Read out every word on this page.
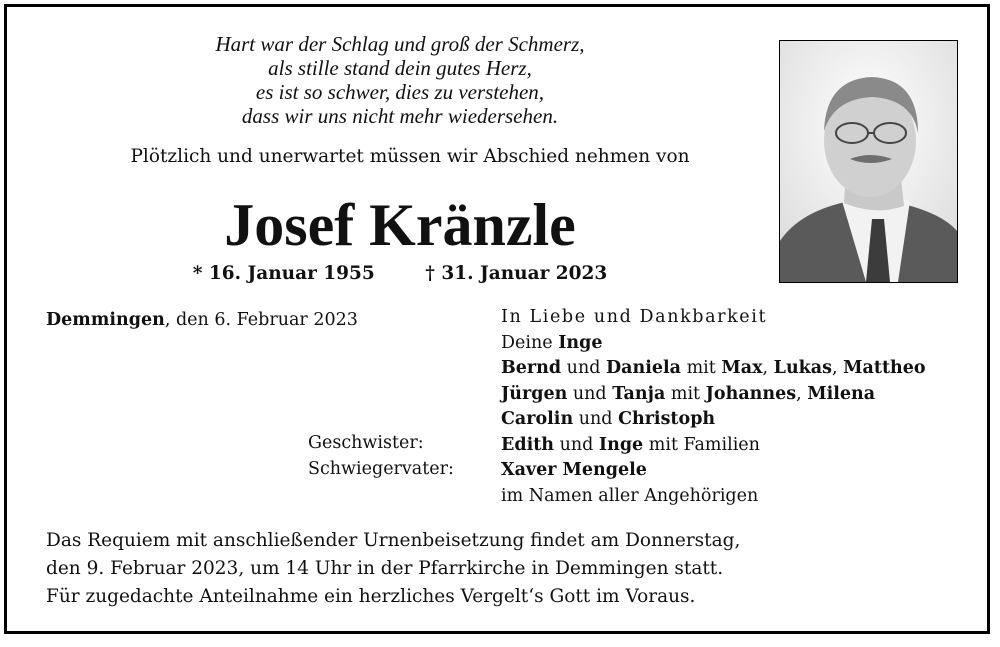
Hart war der Schlag und groß der Schmerz,
als stille stand dein gutes Herz,
es ist so schwer, dies zu verstehen,
dass wir uns nicht mehr wiedersehen.
Plötzlich und unerwartet müssen wir Abschied nehmen von
Josef Kränzle
* 16. Januar 1955	† 31. Januar 2023
Demmingen, den 6. Februar 2023
Geschwister:
Schwiegervater:
In Liebe und Dankbarkeit
Deine Inge
Bernd und Daniela mit Max, Lukas, Mattheo
Jürgen und Tanja mit Johannes, Milena
Carolin und Christoph
Edith und Inge mit Familien
Xaver Mengele
im Namen aller Angehörigen
Das Requiem mit anschließender Urnenbeisetzung findet am Donnerstag,
den 9. Februar 2023, um 14 Uhr in der Pfarrkirche in Demmingen statt.
Für zugedachte Anteilnahme ein herzliches Vergelt‘s Gott im Voraus.
